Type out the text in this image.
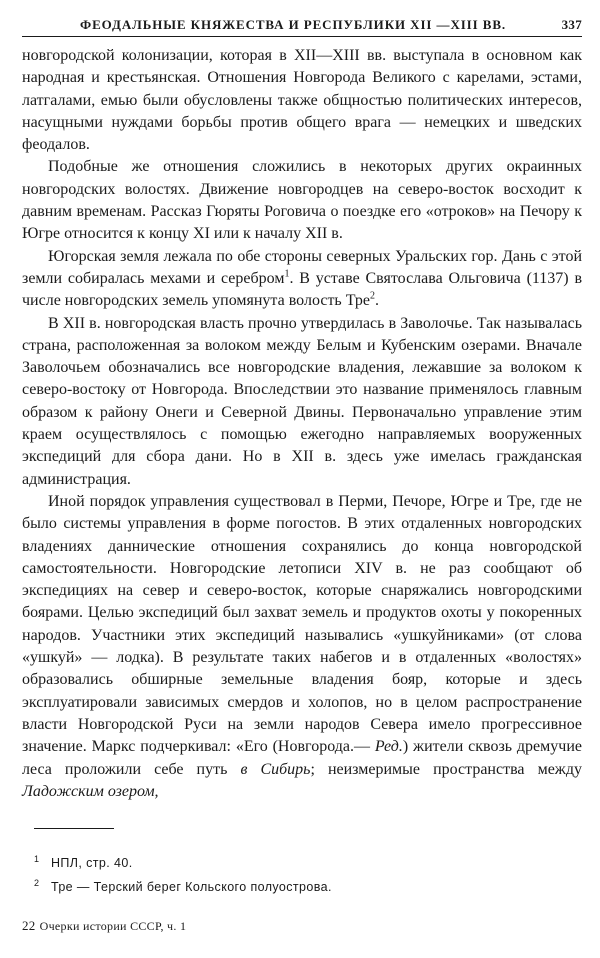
ФЕОДАЛЬНЫЕ КНЯЖЕСТВА И РЕСПУБЛИКИ XII —XIII ВВ.	337

новгородской колонизации, которая в XII—XIII вв. выступала в основном как народная и крестьянская. Отношения Новгорода Великого с карелами, эстами, латгалами, емью были обусловлены также общностью политических интересов, насущными нуждами борьбы против общего врага — немецких и шведских феодалов.

Подобные же отношения сложились в некоторых других окраинных новгородских волостях. Движение новгородцев на северо-восток восходит к давним временам. Рассказ Гюряты Роговича о поездке его «отроков» на Печору к Югре относится к концу XI или к началу XII в.

Югорская земля лежала по обе стороны северных Уральских гор. Дань с этой земли собиралась мехами и серебром$^1$. В уставе Святослава Ольговича (1137) в числе новгородских земель упомянута волость Тре$^2$.

В XII в. новгородская власть прочно утвердилась в Заволочье. Так называлась страна, расположенная за волоком между Белым и Кубенским озерами. Вначале Заволочьем обозначались все новгородские владения, лежавшие за волоком к северо-востоку от Новгорода. Впоследствии это название применялось главным образом к району Онеги и Северной Двины. Первоначально управление этим краем осуществлялось с помощью ежегодно направляемых вооруженных экспедиций для сбора дани. Но в XII в. здесь уже имелась гражданская администрация.

Иной порядок управления существовал в Перми, Печоре, Югре и Тре, где не было системы управления в форме погостов. В этих отдаленных новгородских владениях даннические отношения сохранялись до конца новгородской самостоятельности. Новгородские летописи XIV в. не раз сообщают об экспедициях на север и северо-восток, которые снаряжались новгородскими боярами. Целью экспедиций был захват земель и продуктов охоты у покоренных народов. Участники этих экспедиций назывались «ушкуйниками» (от слова «ушкуй» — лодка). В результате таких набегов и в отдаленных «волостях» образовались обширные земельные владения бояр, которые и здесь эксплуатировали зависимых смердов и холопов, но в целом распространение власти Новгородской Руси на земли народов Севера имело прогрессивное значение. Маркс подчеркивал: «Его (Новгорода.— Ред.) жители сквозь дремучие леса проложили себе путь в Сибирь; неизмеримые пространства между Ладожским озером,

1 НПЛ, стр. 40.
2 Тре — Терский берег Кольского полуострова.
22 Очерки истории СССР, ч. 1
